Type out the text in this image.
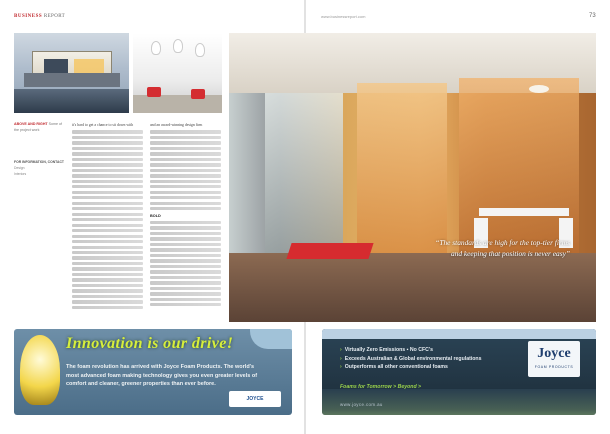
BUSINESS REPORT	www.businessreport.com	73
ABOVE AND RIGHT Some of the project work
FOR INFORMATION, CONTACT
Design
Interiors

it's hard to get a chance to sit down with	and an award-winning design firm

BOLD

“The standards are high for the top-tier firms
and keeping that position is never easy”
Innovation is our drive!
The foam revolution has arrived with Joyce Foam Products. The world's most advanced foam making technology gives you even greater levels of comfort and cleaner, greener properties than ever before.
JOYCE
› Virtually Zero Emissions ▪ No CFC's
› Exceeds Australian & Global environmental regulations
› Outperforms all other conventional foams
Foams for Tomorrow > Beyond >
www.joyce.com.au
Joyce
FOAM PRODUCTS
